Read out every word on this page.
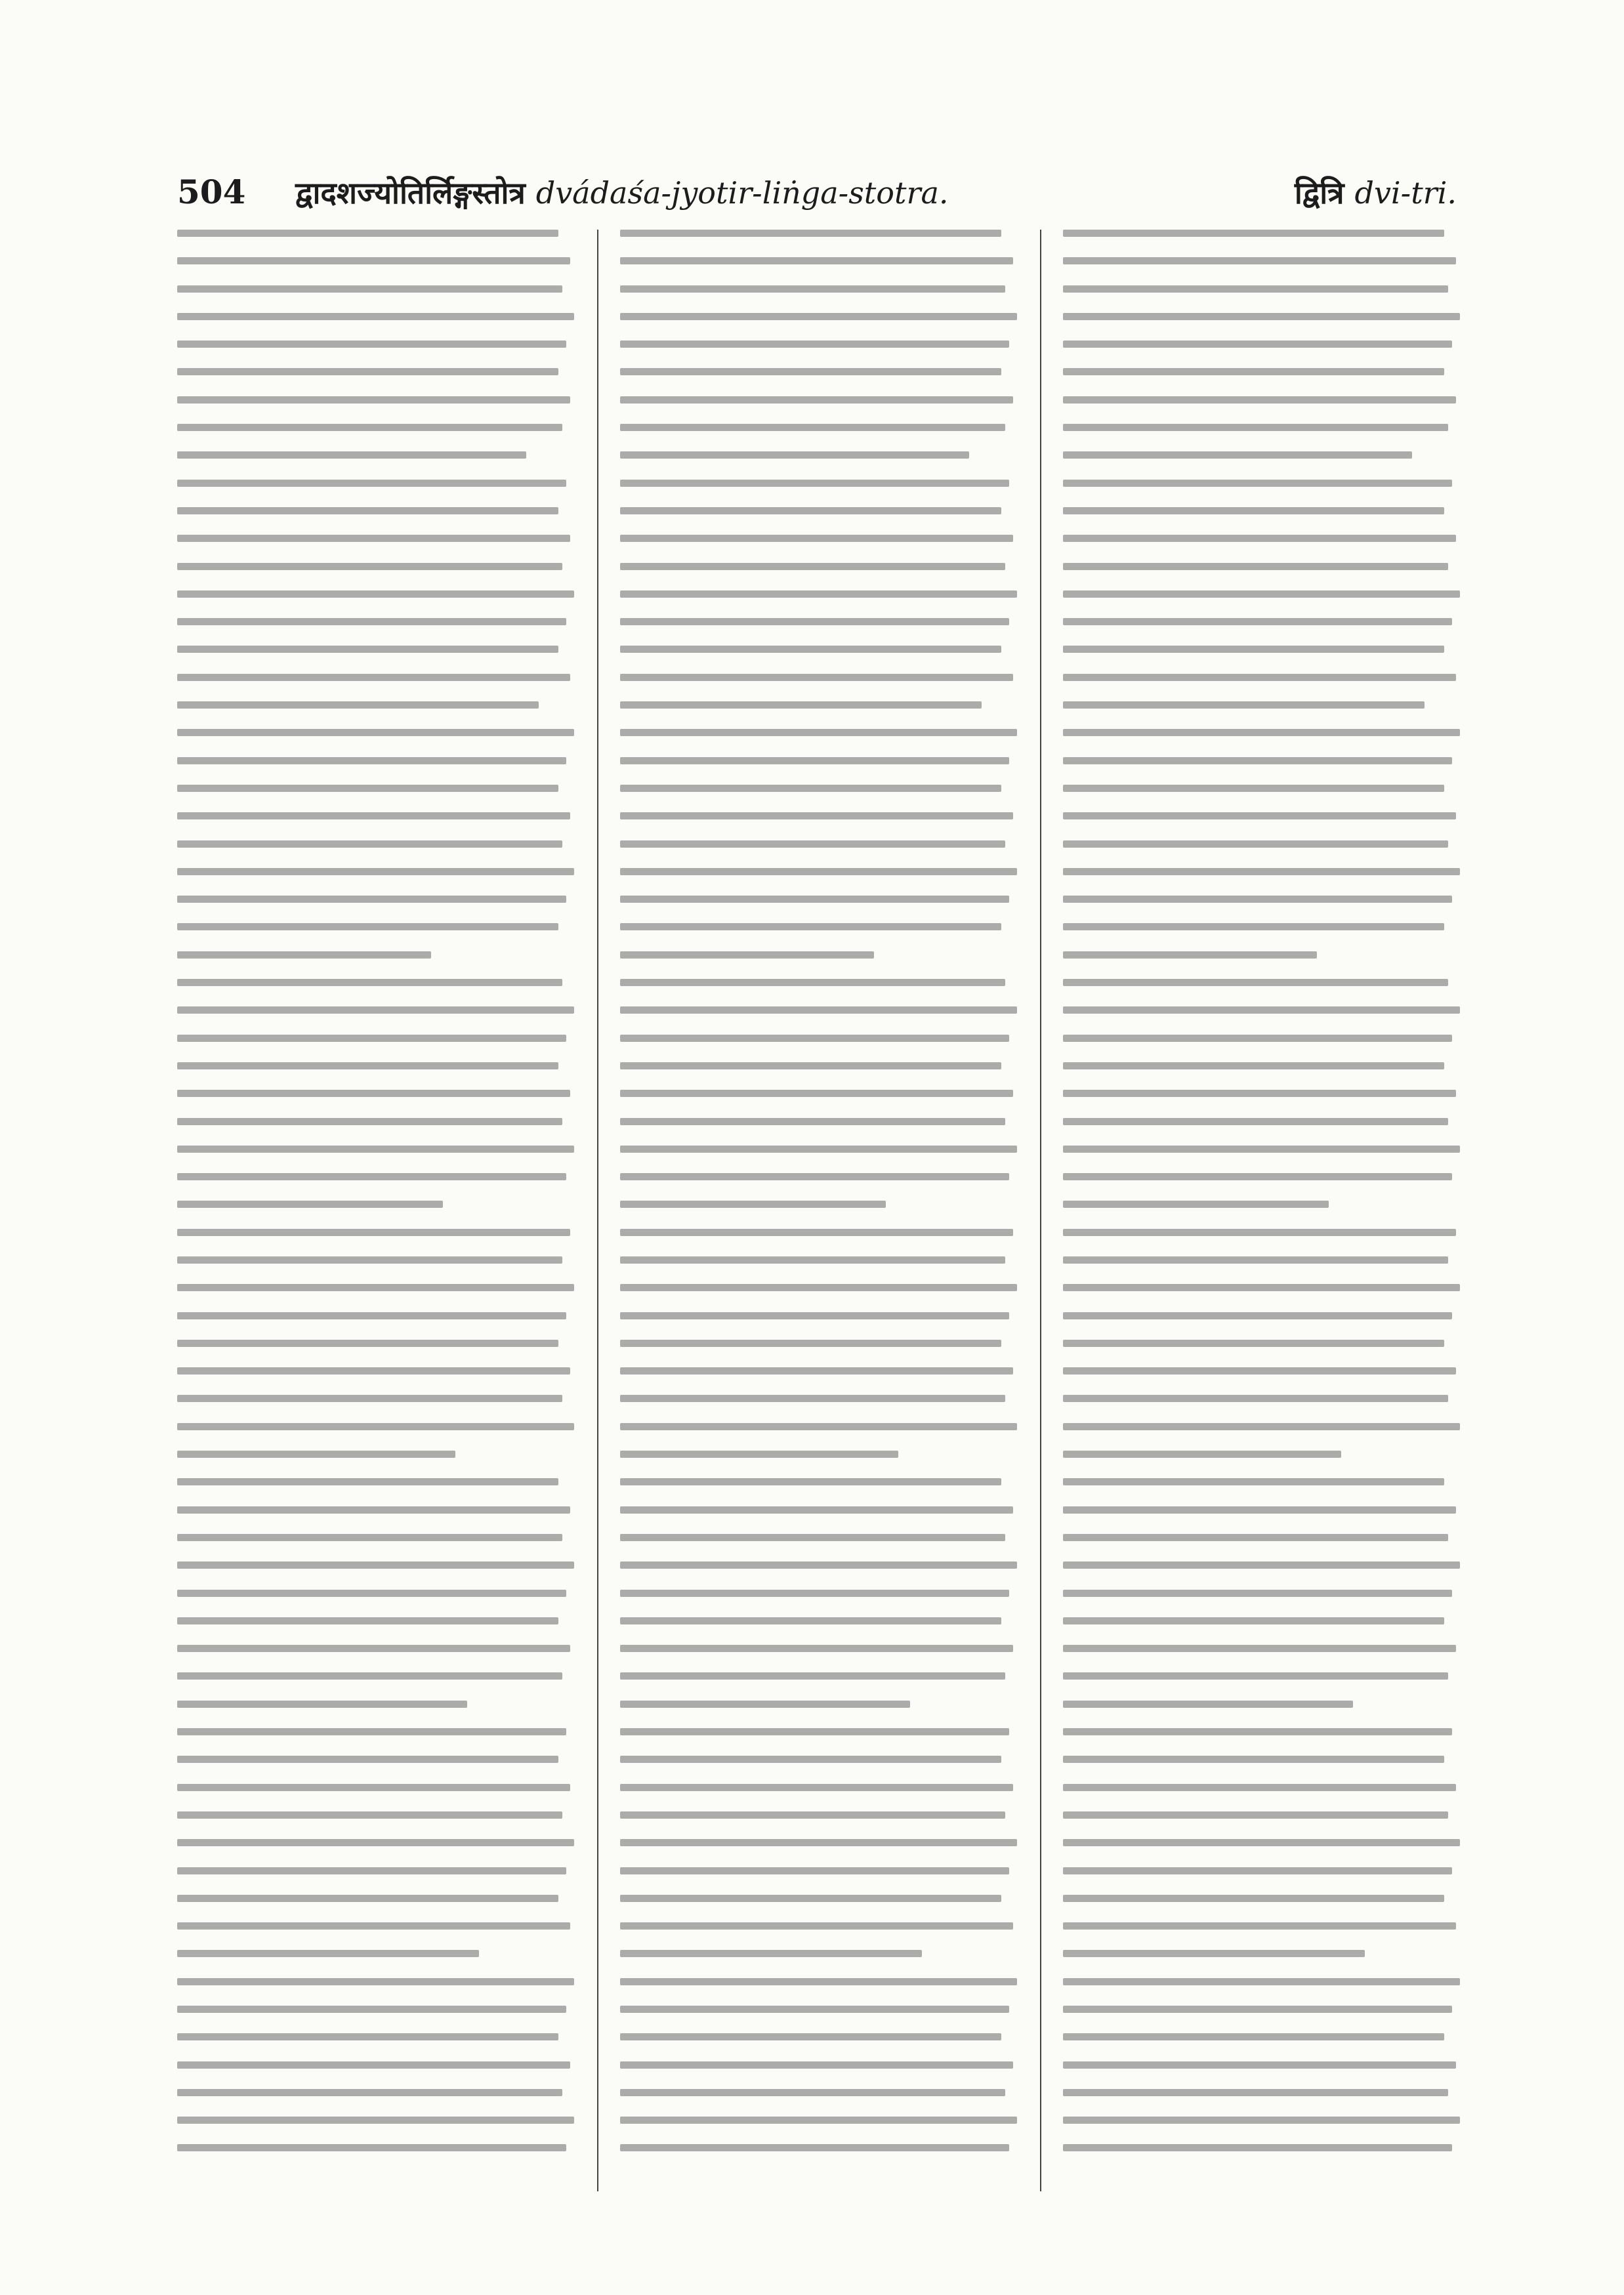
504	द्वादशज्योतिर्लिङ्गस्तोत्र dvádaśa-jyotir-liṅga-stotra.	द्वित्रि dvi-tri.
